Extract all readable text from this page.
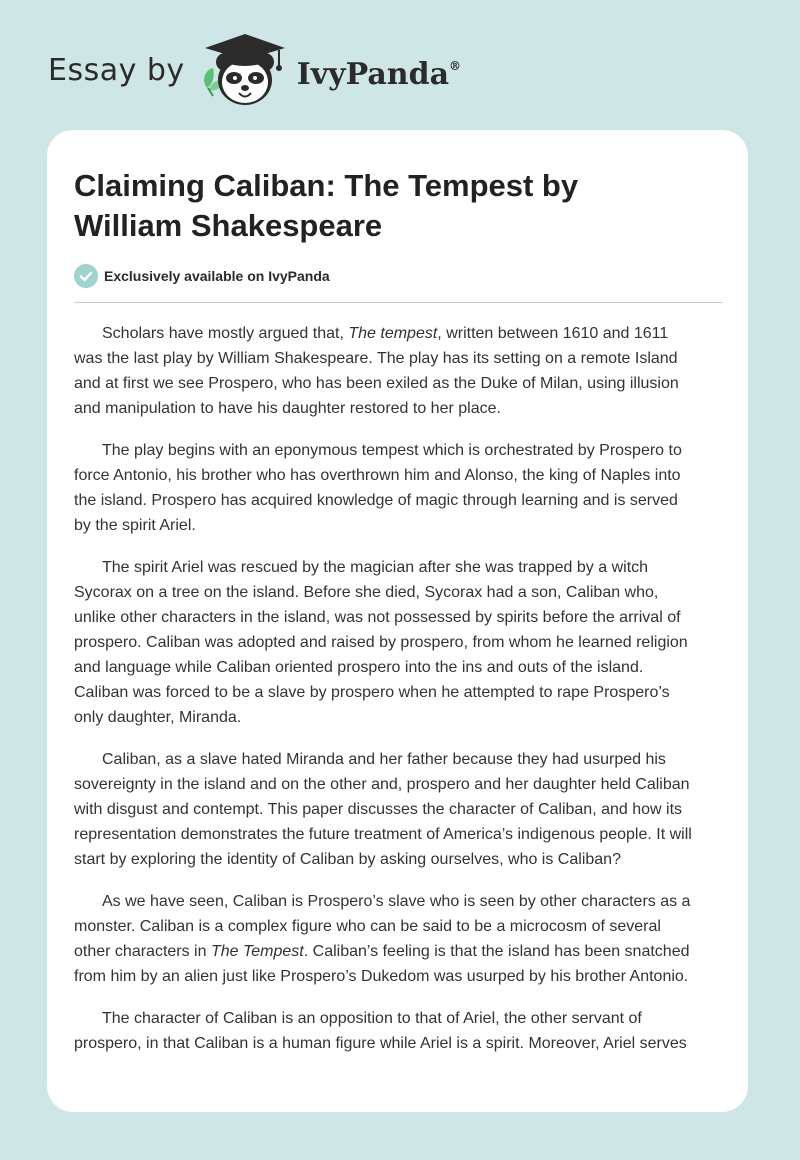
Essay by	IvyPanda®
Claiming Caliban: The Tempest by William Shakespeare
Exclusively available on IvyPanda

Scholars have mostly argued that, The tempest, written between 1610 and 1611
was the last play by William Shakespeare. The play has its setting on a remote Island
and at first we see Prospero, who has been exiled as the Duke of Milan, using illusion
and manipulation to have his daughter restored to her place.

The play begins with an eponymous tempest which is orchestrated by Prospero to
force Antonio, his brother who has overthrown him and Alonso, the king of Naples into
the island. Prospero has acquired knowledge of magic through learning and is served
by the spirit Ariel.

The spirit Ariel was rescued by the magician after she was trapped by a witch
Sycorax on a tree on the island. Before she died, Sycorax had a son, Caliban who,
unlike other characters in the island, was not possessed by spirits before the arrival of
prospero. Caliban was adopted and raised by prospero, from whom he learned religion
and language while Caliban oriented prospero into the ins and outs of the island.
Caliban was forced to be a slave by prospero when he attempted to rape Prospero’s
only daughter, Miranda.

Caliban, as a slave hated Miranda and her father because they had usurped his
sovereignty in the island and on the other and, prospero and her daughter held Caliban
with disgust and contempt. This paper discusses the character of Caliban, and how its
representation demonstrates the future treatment of America’s indigenous people. It will
start by exploring the identity of Caliban by asking ourselves, who is Caliban?

As we have seen, Caliban is Prospero’s slave who is seen by other characters as a
monster. Caliban is a complex figure who can be said to be a microcosm of several
other characters in The Tempest. Caliban’s feeling is that the island has been snatched
from him by an alien just like Prospero’s Dukedom was usurped by his brother Antonio.

The character of Caliban is an opposition to that of Ariel, the other servant of
prospero, in that Caliban is a human figure while Ariel is a spirit. Moreover, Ariel serves
